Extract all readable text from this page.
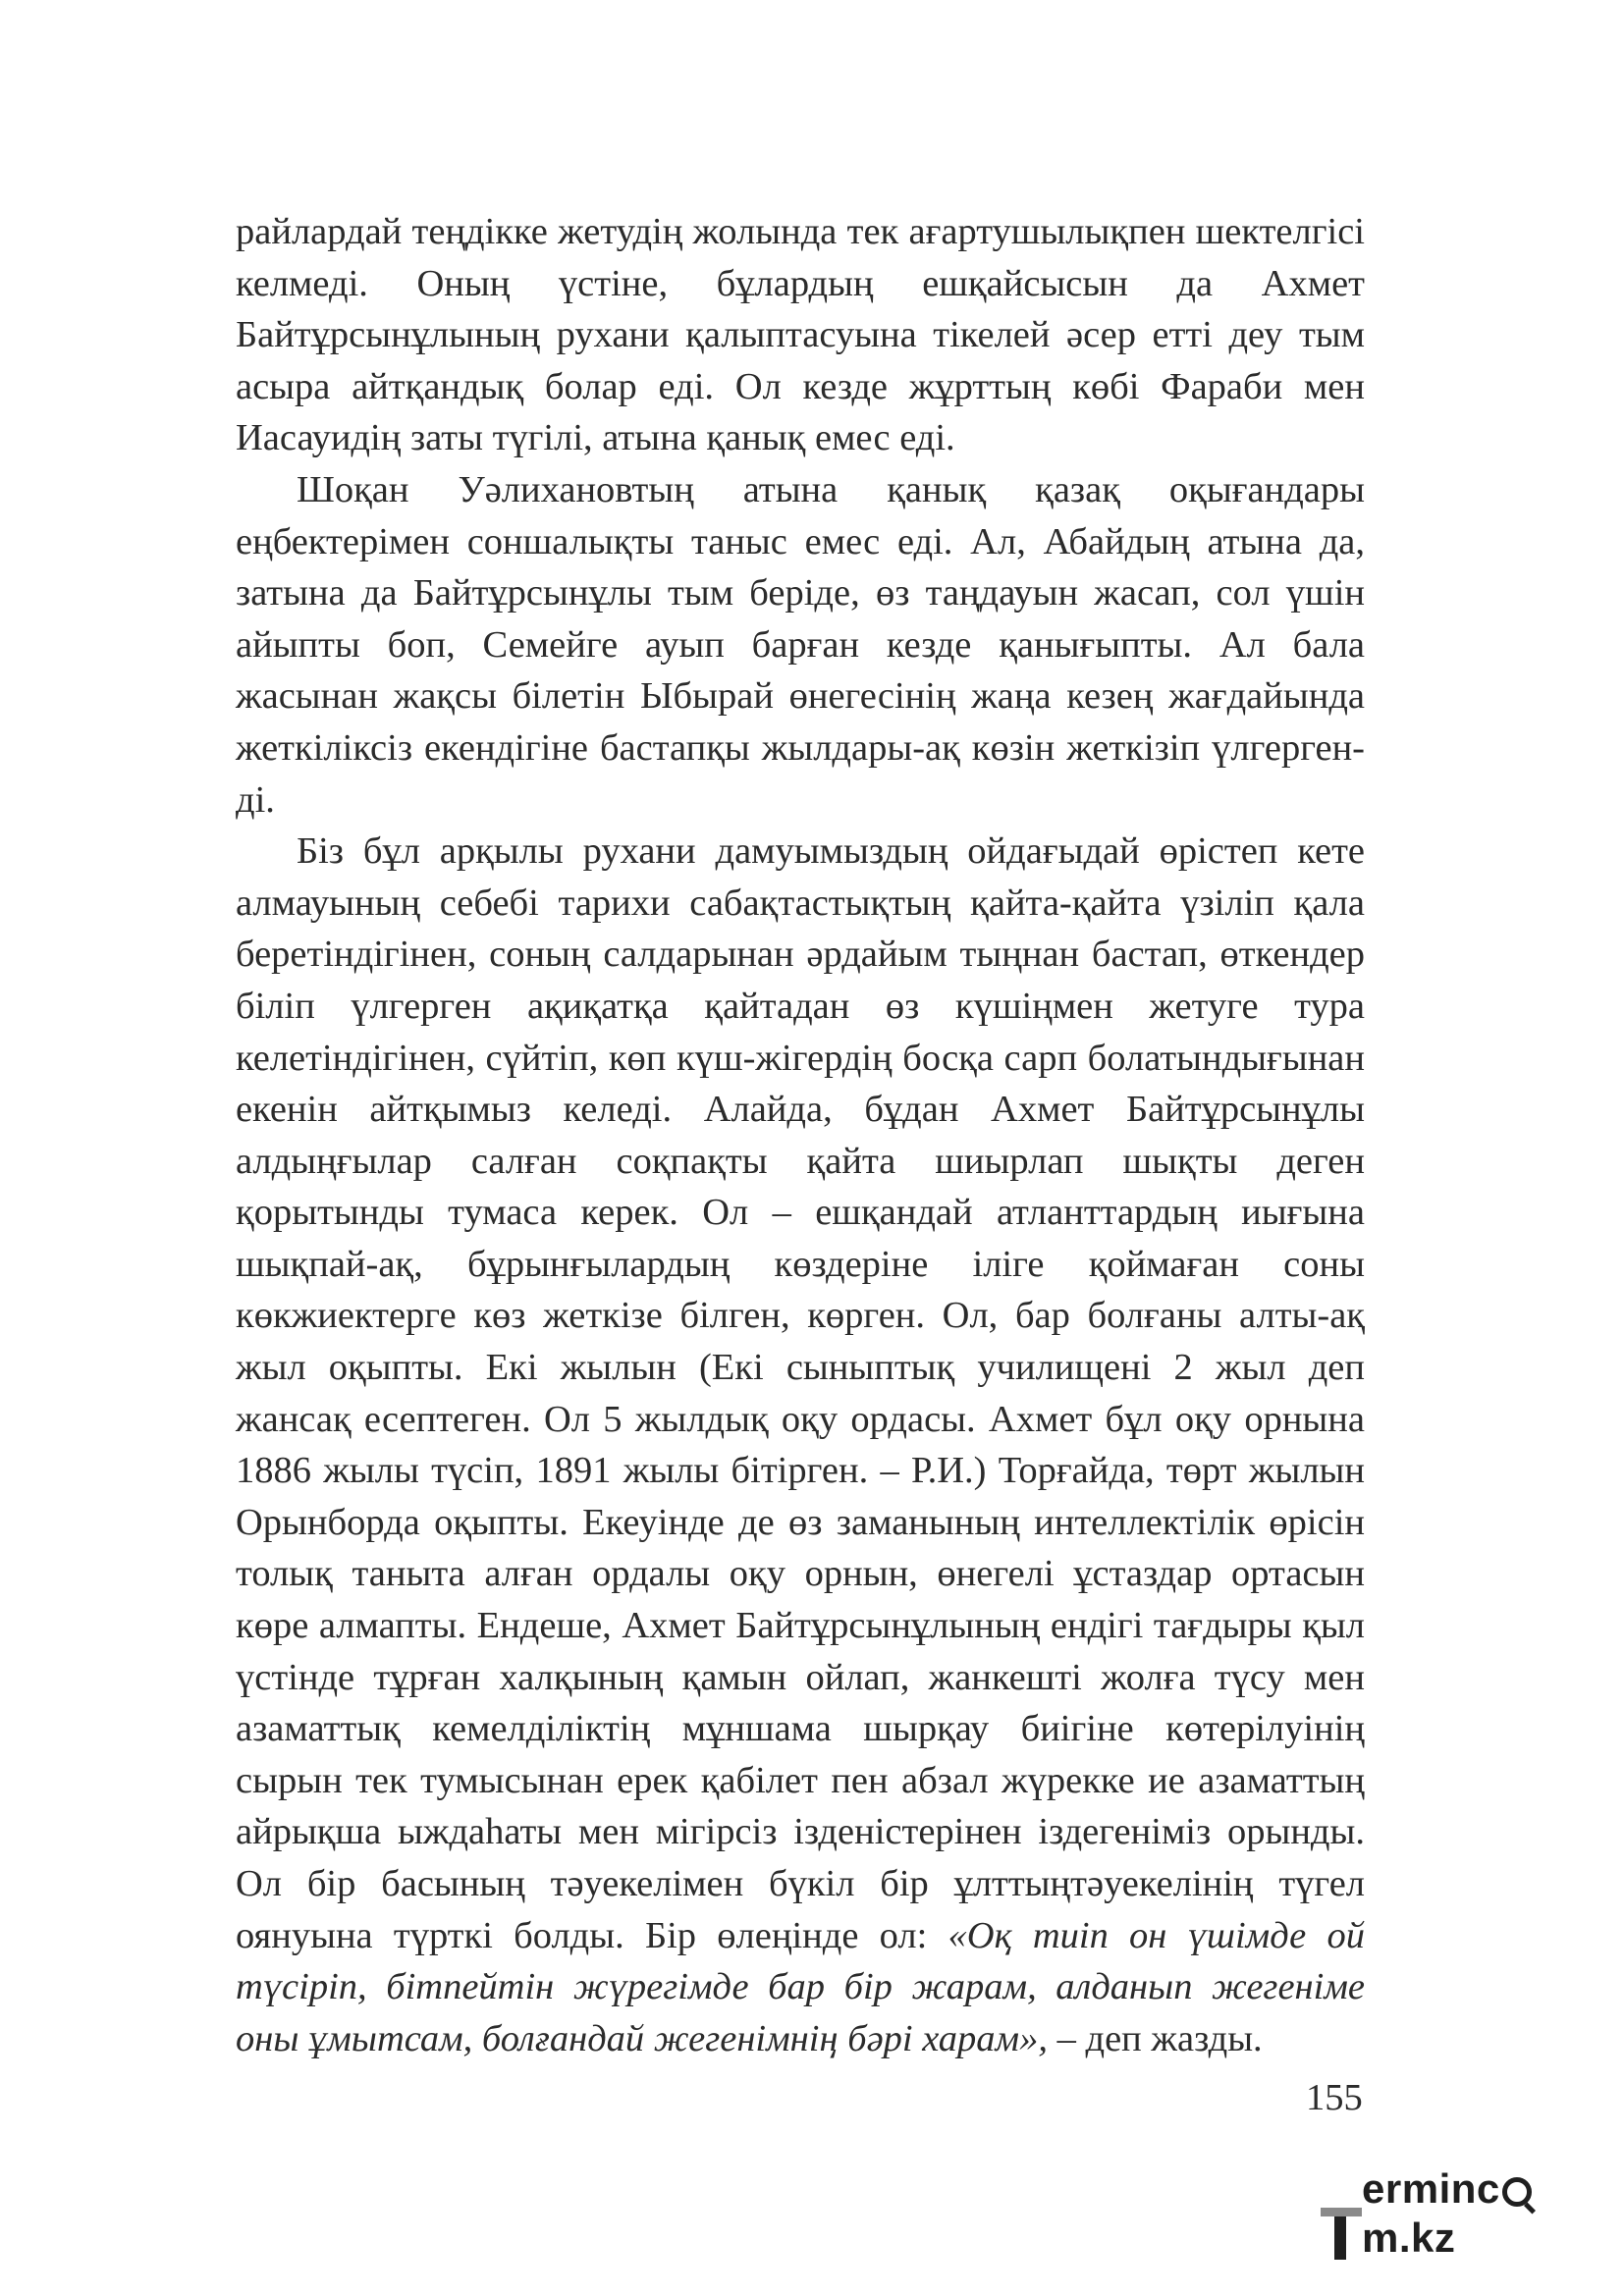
райлардай теңдікке жетудің жолында тек ағартушылықпен шектелгісі келмеді. Оның үстіне, бұлардың ешқайсысын да Ахмет Байтұрсынұлының рухани қалыптасуына тікелей әсер етті деу тым асыра айтқандық болар еді. Ол кезде жұрттың көбі Фараби мен Иасауидің заты түгілі, атына қанық емес еді.

Шоқан Уәлихановтың атына қанық қазақ оқығандары еңбектерімен соншалықты таныс емес еді. Ал, Абайдың атына да, затына да Байтұрсынұлы тым беріде, өз таңдауын жасап, сол үшін айыпты боп, Семейге ауып барған кезде қанығыпты. Ал бала жасынан жақсы білетін Ыбырай өнегесінің жаңа кезең жағдайында жеткіліксіз екендігіне бастапқы жылдары-ақ көзін жеткізіп үлгерген-ді.

Біз бұл арқылы рухани дамуымыздың ойдағыдай өрістеп кете алмауының себебі тарихи сабақтастықтың қайта-қайта үзіліп қала беретіндігінен, соның салдарынан әрдайым тыңнан бастап, өткендер біліп үлгерген ақиқатқа қайтадан өз күшіңмен жетуге тура келетіндігінен, сүйтіп, көп күш-жігердің босқа сарп болатындығынан екенін айтқымыз келеді. Алайда, бұдан Ахмет Байтұрсынұлы алдыңғылар салған соқпақты қайта шиырлап шықты деген қорытынды тумаса керек. Ол – ешқандай атланттардың иығына шықпай-ақ, бұрынғылардың көздеріне іліге қоймаған соны көкжиектерге көз жеткізе білген, көрген. Ол, бар болғаны алты-ақ жыл оқыпты. Екі жылын (Екі сыныптық училищені 2 жыл деп жансақ есептеген. Ол 5 жылдық оқу ордасы. Ахмет бұл оқу орнына 1886 жылы түсіп, 1891 жылы бітірген. – Р.И.) Торғайда, төрт жылын Орынборда оқыпты. Екеуінде де өз заманының интеллектілік өрісін толық таныта алған ордалы оқу орнын, өнегелі ұстаздар ортасын көре алмапты. Ендеше, Ахмет Байтұрсынұлының ендігі тағдыры қыл үстінде тұрған халқының қамын ойлап, жанкешті жолға түсу мен азаматтық кемелділіктің мұншама шырқау биігіне көтерілуінің сырын тек тумысынан ерек қабілет пен абзал жүрекке ие азаматтың айрықша ыждаһаты мен мігірсіз ізденістерінен іздегеніміз орынды. Ол бір басының тәуекелімен бүкіл бір ұлттыңтәуекелінің түгел оянуына түрткі болды. Бір өлеңінде ол: «Оқ тиіп он үшімде ой түсіріп, бітпейтін жүрегімде бар бір жарам, алданып жегеніме оны ұмытсам, болғандай жегенімнің бәрі харам», – деп жазды.

155
ermincm.kz
